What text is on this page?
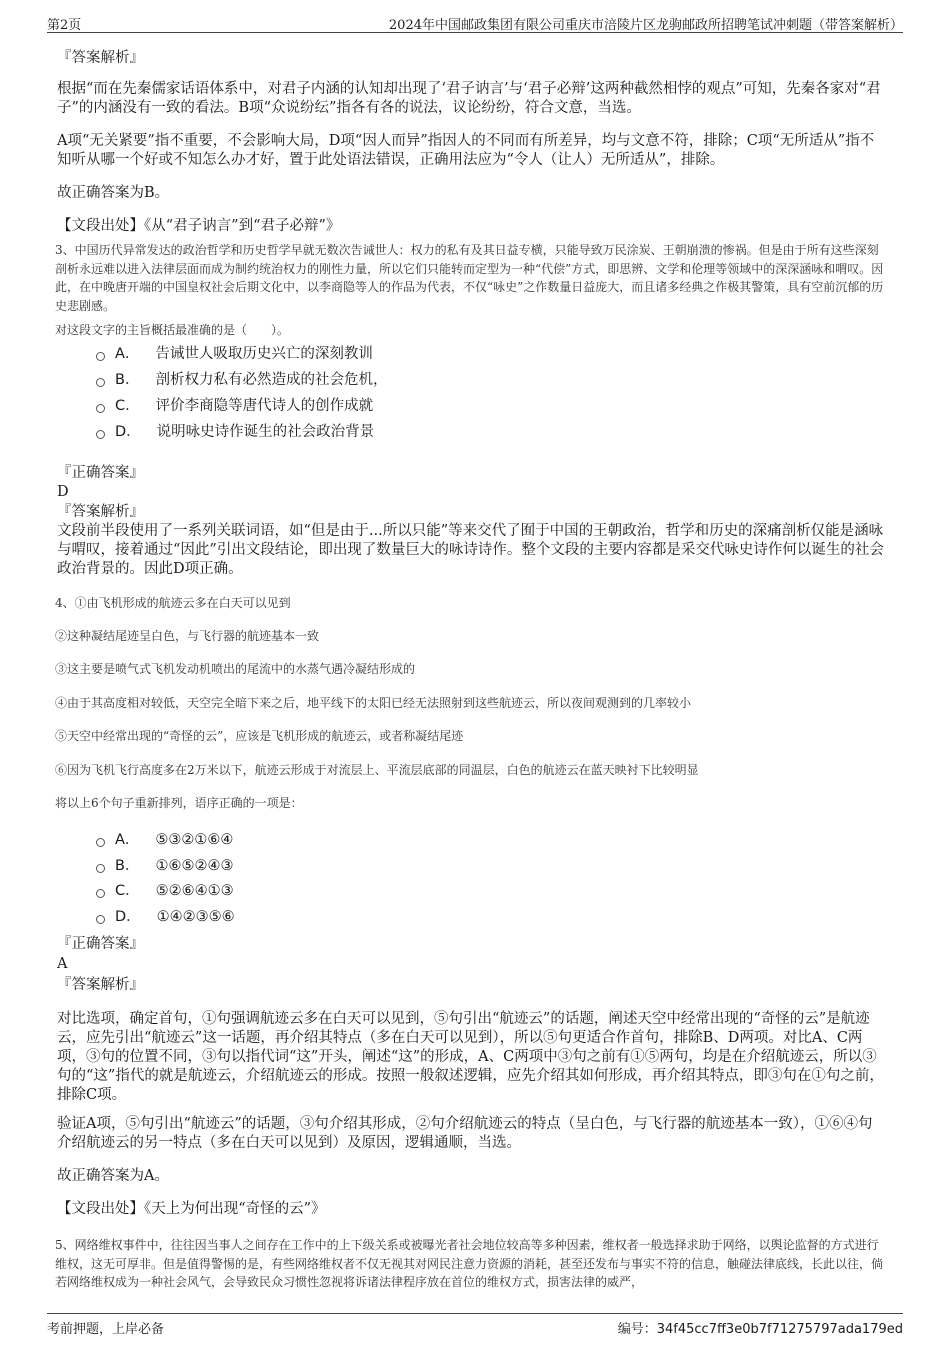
第2页	2024年中国邮政集团有限公司重庆市涪陵片区龙驹邮政所招聘笔试冲刺题（带答案解析）
『答案解析』
根据“而在先秦儒家话语体系中，对君子内涵的认知却出现了‘君子讷言’与‘君子必辩’这两种截然相悖的观点”可知，先秦各家对“君子”的内涵没有一致的看法。B项“众说纷纭”指各有各的说法，议论纷纷，符合文意，当选。
A项“无关紧要”指不重要，不会影响大局，D项“因人而异”指因人的不同而有所差异，均与文意不符，排除；C项“无所适从”指不知听从哪一个好或不知怎么办才好，置于此处语法错误，正确用法应为“令人（让人）无所适从”，排除。
故正确答案为B。
【文段出处】《从“君子讷言”到“君子必辩”》
3、中国历代异常发达的政治哲学和历史哲学早就无数次告诫世人：权力的私有及其日益专横，只能导致万民涂炭、王朝崩溃的惨祸。但是由于所有这些深刻剖析永远难以进入法律层面而成为制约统治权力的刚性力量，所以它们只能转而定型为一种“代偿”方式，即思辨、文学和伦理等领域中的深深涵咏和喟叹。因此，在中晚唐开端的中国皇权社会后期文化中，以李商隐等人的作品为代表，不仅“咏史”之作数量日益庞大，而且诸多经典之作极其警策，具有空前沉郁的历史悲剧感。
对这段文字的主旨概括最准确的是（　　）。
A． 告诫世人吸取历史兴亡的深刻教训
B． 剖析权力私有必然造成的社会危机，
C． 评价李商隐等唐代诗人的创作成就
D． 说明咏史诗作诞生的社会政治背景
『正确答案』
D
『答案解析』
文段前半段使用了一系列关联词语，如“但是由于...所以只能”等来交代了囿于中国的王朝政治，哲学和历史的深痛剖析仅能是涵咏与喟叹，接着通过“因此”引出文段结论，即出现了数量巨大的咏诗诗作。整个文段的主要内容都是采交代咏史诗作何以诞生的社会政治背景的。因此D项正确。
4、①由飞机形成的航迹云多在白天可以见到
②这种凝结尾迹呈白色，与飞行器的航迹基本一致
③这主要是喷气式飞机发动机喷出的尾流中的水蒸气遇冷凝结形成的
④由于其高度相对较低，天空完全暗下来之后，地平线下的太阳已经无法照射到这些航迹云，所以夜间观测到的几率较小
⑤天空中经常出现的“奇怪的云”，应该是飞机形成的航迹云，或者称凝结尾迹
⑥因为飞机飞行高度多在2万米以下，航迹云形成于对流层上、平流层底部的同温层，白色的航迹云在蓝天映衬下比较明显
将以上6个句子重新排列，语序正确的一项是：
A． ⑤③②①⑥④
B． ①⑥⑤②④③
C． ⑤②⑥④①③
D． ①④②③⑤⑥
『正确答案』
A
『答案解析』
对比选项，确定首句，①句强调航迹云多在白天可以见到，⑤句引出“航迹云”的话题，阐述天空中经常出现的“奇怪的云”是航迹云，应先引出“航迹云”这一话题，再介绍其特点（多在白天可以见到），所以⑤句更适合作首句，排除B、D两项。对比A、C两项，③句的位置不同，③句以指代词“这”开头，阐述“这”的形成，A、C两项中③句之前有①⑤两句，均是在介绍航迹云，所以③句的“这”指代的就是航迹云，介绍航迹云的形成。按照一般叙述逻辑，应先介绍其如何形成，再介绍其特点，即③句在①句之前，排除C项。
验证A项，⑤句引出“航迹云”的话题，③句介绍其形成，②句介绍航迹云的特点（呈白色，与飞行器的航迹基本一致），①⑥④句介绍航迹云的另一特点（多在白天可以见到）及原因，逻辑通顺，当选。
故正确答案为A。
【文段出处】《天上为何出现“奇怪的云”》
5、网络维权事件中，往往因当事人之间存在工作中的上下级关系或被曝光者社会地位较高等多种因素，维权者一般选择求助于网络，以舆论监督的方式进行维权，这无可厚非。但是值得警惕的是，有些网络维权者不仅无视其对网民注意力资源的消耗，甚至还发布与事实不符的信息，触碰法律底线，长此以往，倘若网络维权成为一种社会风气，会导致民众习惯性忽视将诉诸法律程序放在首位的维权方式，损害法律的威严，
考前押题，上岸必备	编号：34f45cc7ff3e0b7f71275797ada179ed
